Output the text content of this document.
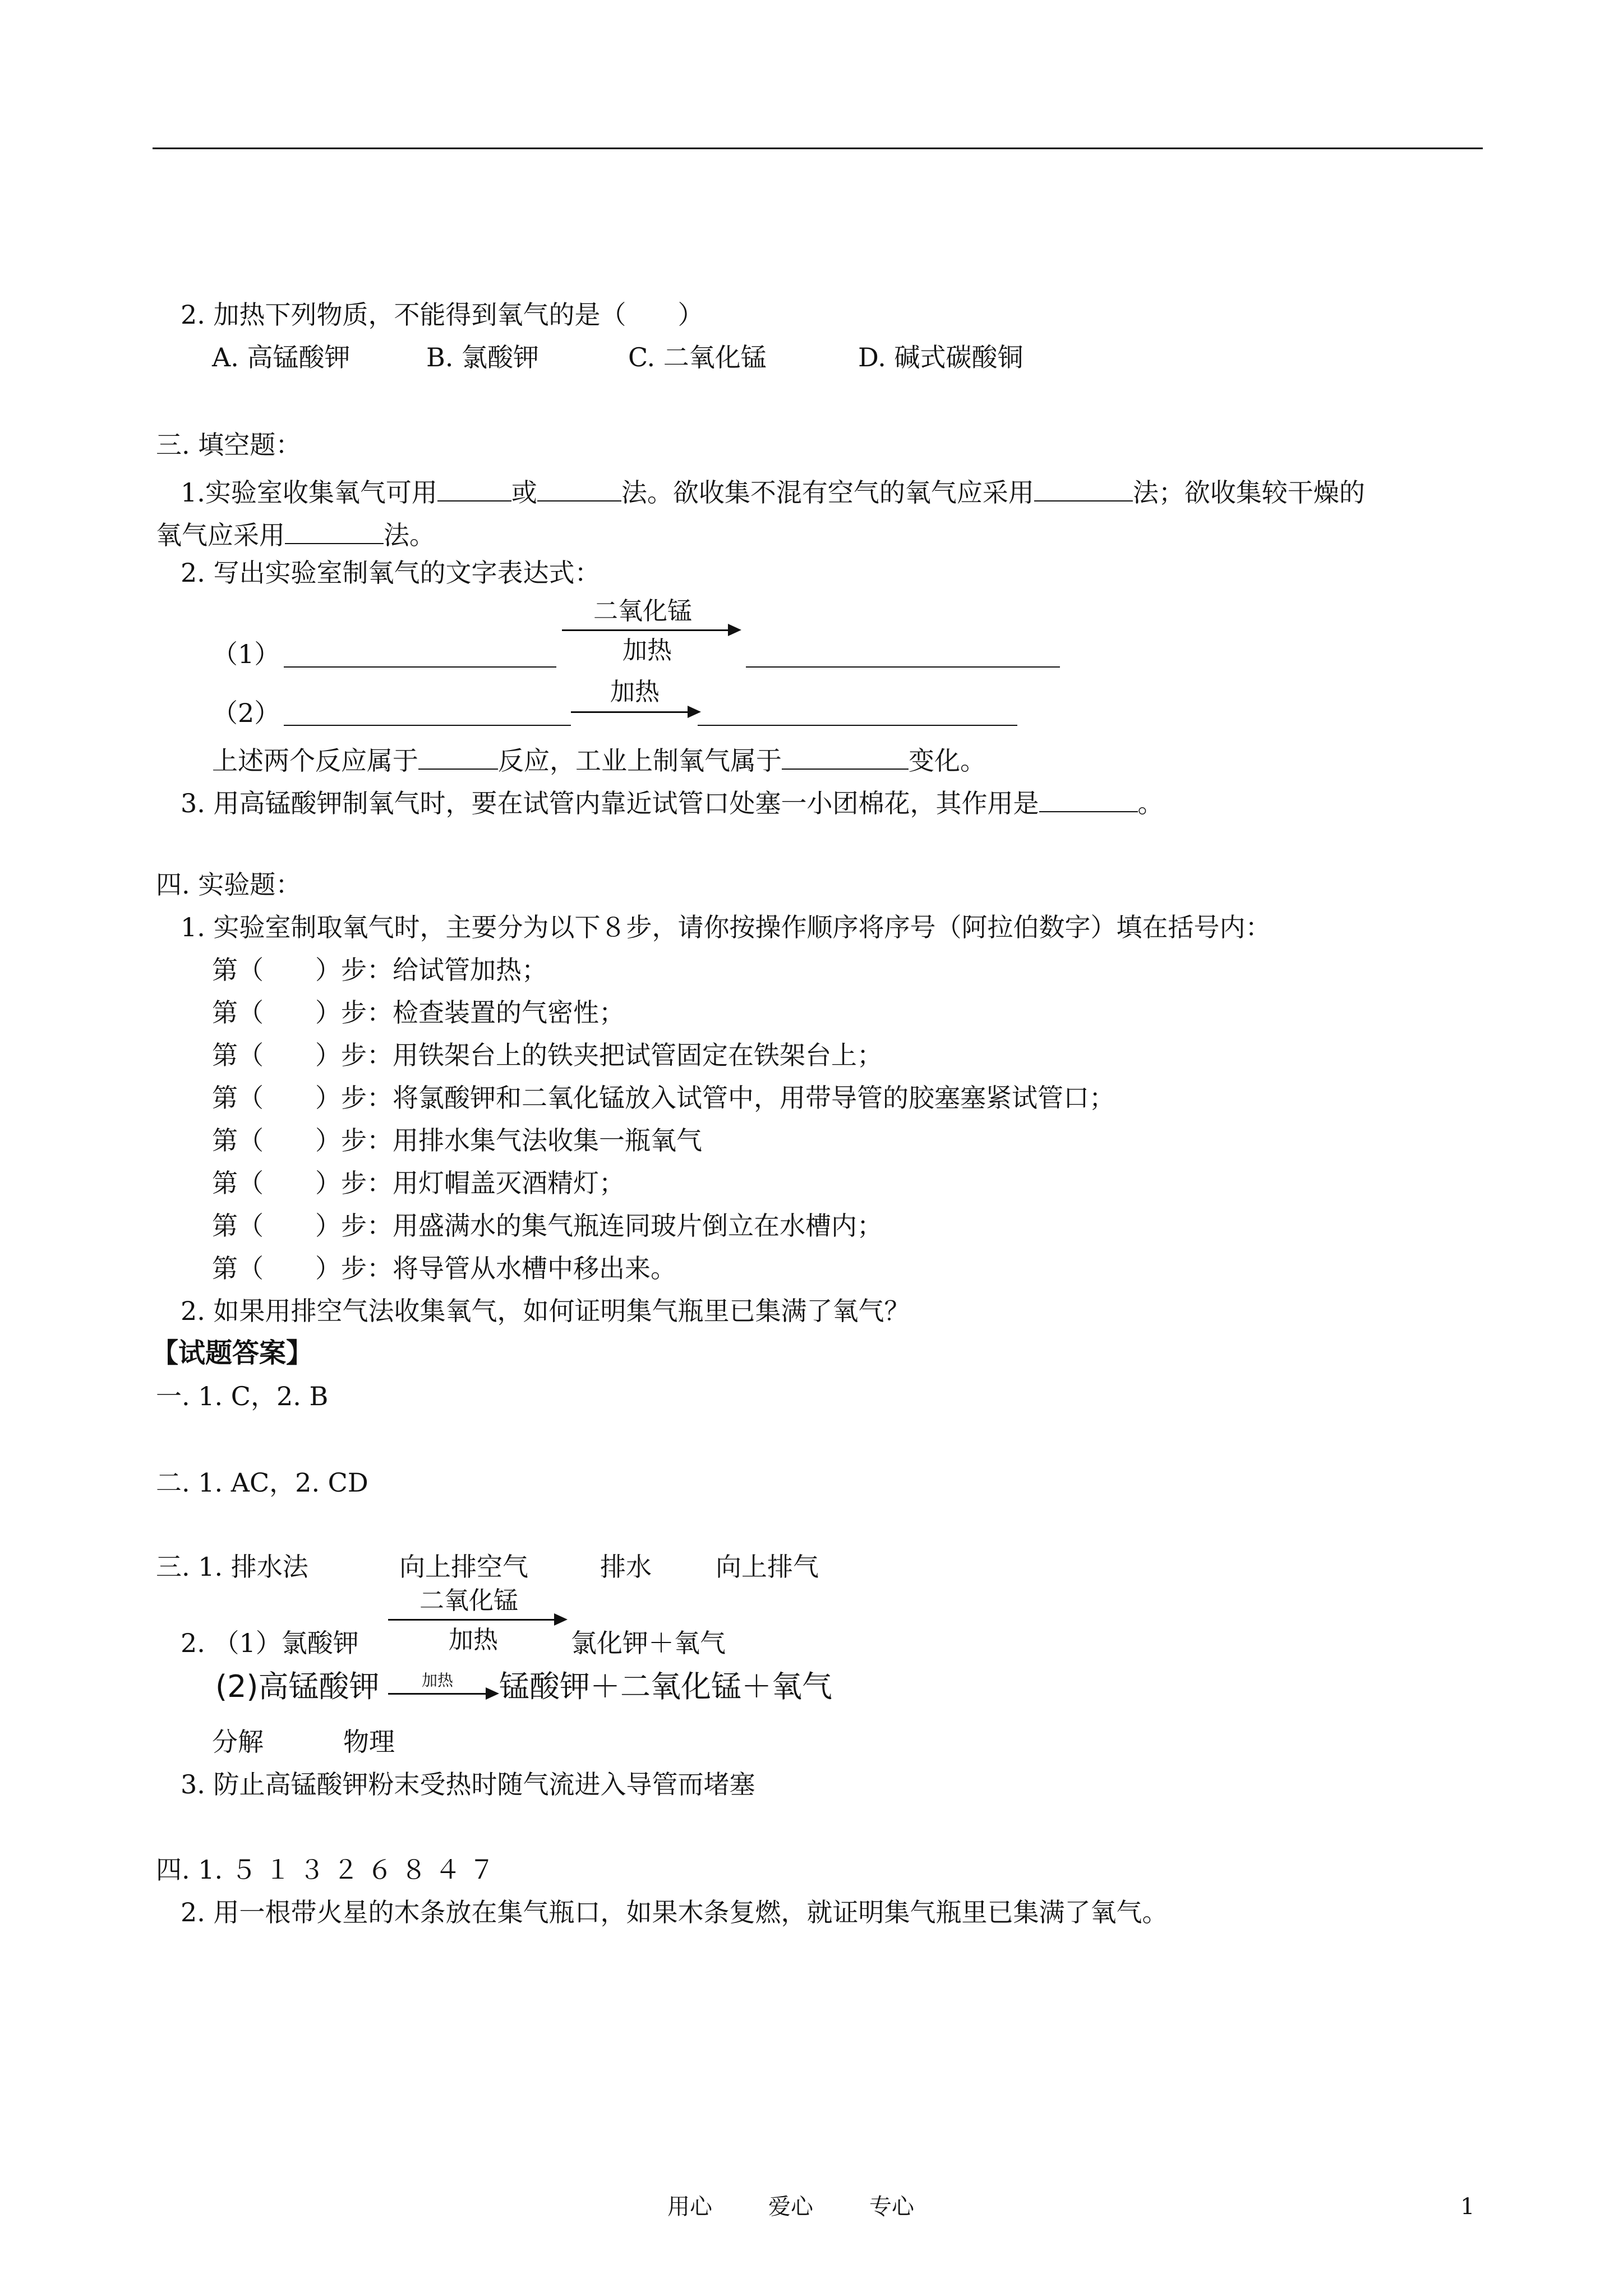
2. 加热下列物质，不能得到氧气的是（　　）
A. 高锰酸钾	B. 氯酸钾	C. 二氧化锰	D. 碱式碳酸铜
三. 填空题：
1.实验室收集氧气可用	或	法。欲收集不混有空气的氧气应采用	法；欲收集较干燥的
氧气应采用	法。
2. 写出实验室制氧气的文字表达式：
二氧化锰
加热
（1）
加热
（2）
上述两个反应属于	反应，工业上制氧气属于	变化。
3. 用高锰酸钾制氧气时，要在试管内靠近试管口处塞一小团棉花，其作用是	。
四. 实验题：
1. 实验室制取氧气时，主要分为以下８步，请你按操作顺序将序号（阿拉伯数字）填在括号内：
第（　　）步：给试管加热；
第（　　）步：检查装置的气密性；
第（　　）步：用铁架台上的铁夹把试管固定在铁架台上；
第（　　）步：将氯酸钾和二氧化锰放入试管中，用带导管的胶塞塞紧试管口；
第（　　）步：用排水集气法收集一瓶氧气
第（　　）步：用灯帽盖灭酒精灯；
第（　　）步：用盛满水的集气瓶连同玻片倒立在水槽内；
第（　　）步：将导管从水槽中移出来。
2. 如果用排空气法收集氧气，如何证明集气瓶里已集满了氧气？
【试题答案】
一. 1. C，2. B
二. 1. AC，2. CD
三. 1. 排水法	向上排空气	排水 向上排气
二氧化锰
加热
2. （1）氯酸钾	氯化钾＋氧气
(2)高锰酸钾	加热 锰酸钾＋二氧化锰＋氧气
分解	物理
3. 防止高锰酸钾粉末受热时随气流进入导管而堵塞
四. 1. ５ １ ３ ２ ６ ８ ４ ７
2. 用一根带火星的木条放在集气瓶口，如果木条复燃，就证明集气瓶里已集满了氧气。
用心	爱心	专心	1
